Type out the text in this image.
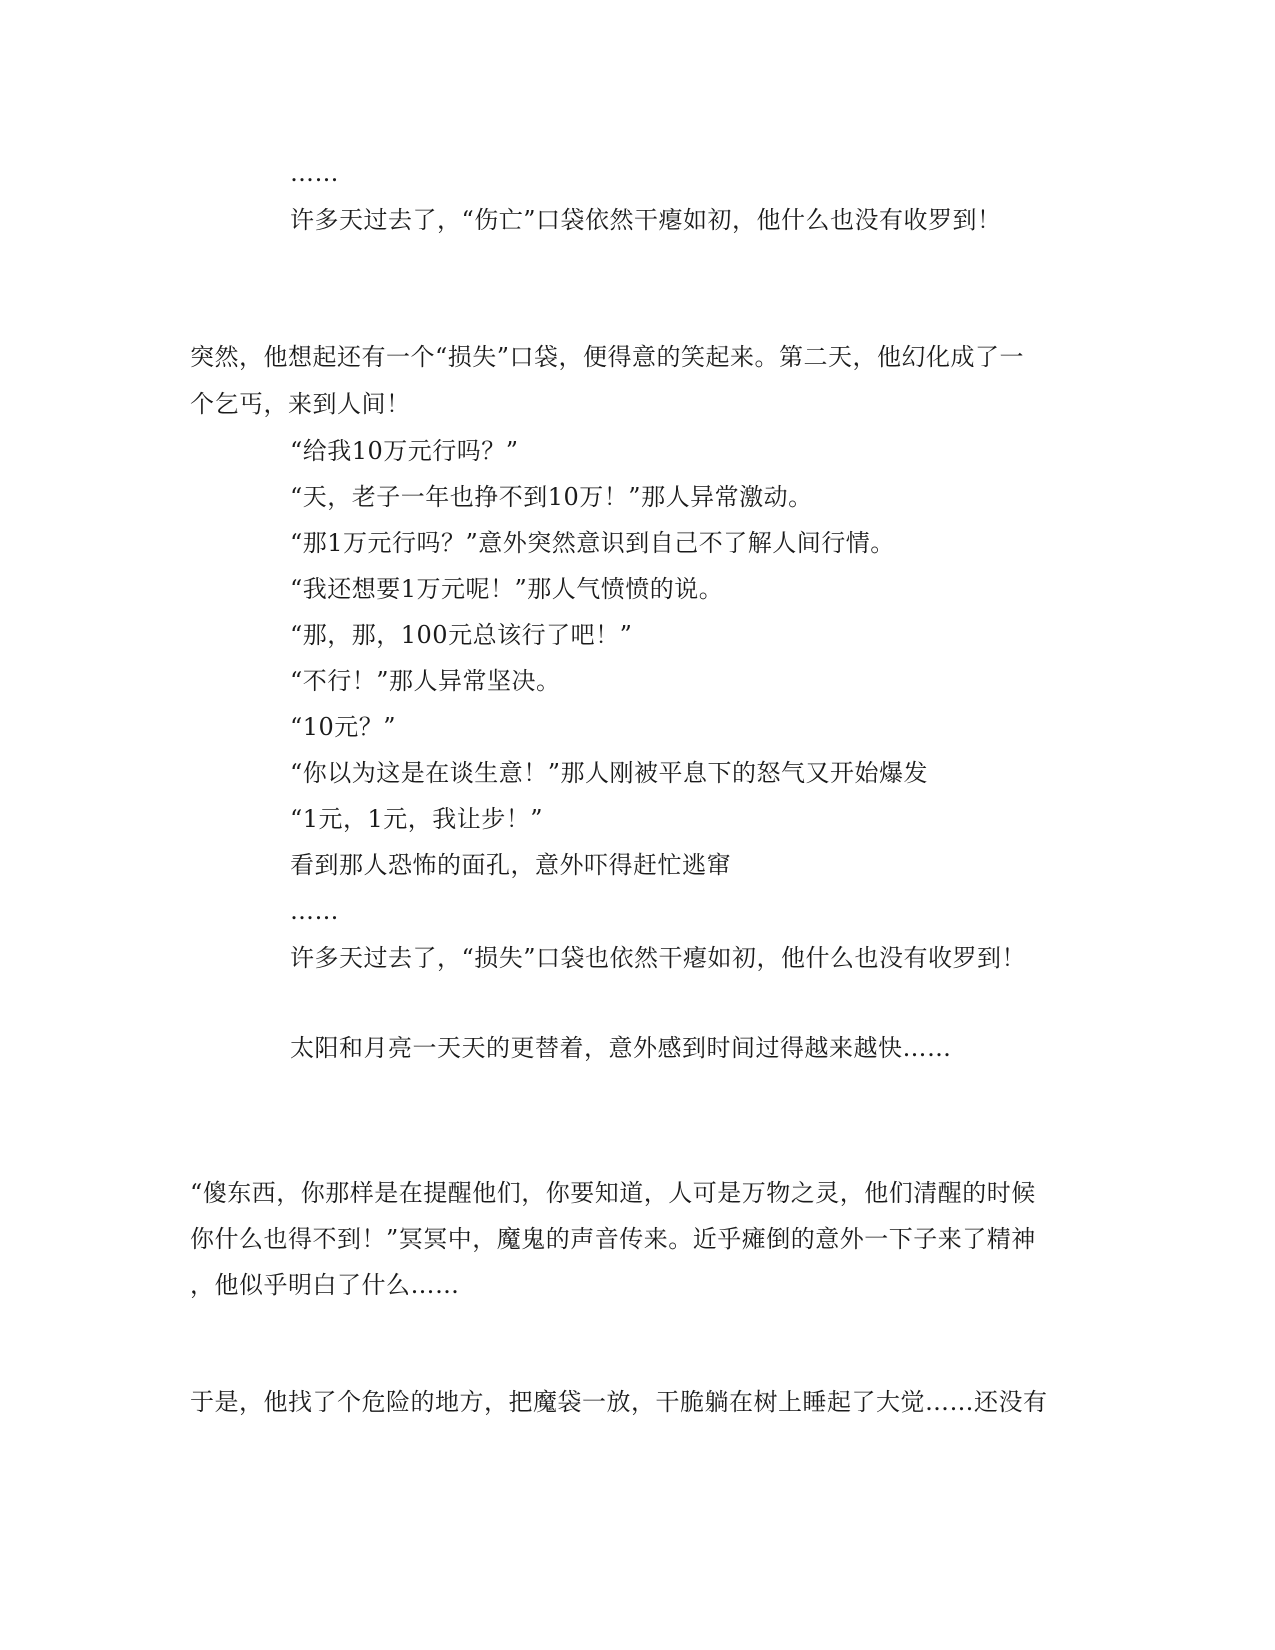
……
许多天过去了，“伤亡”口袋依然干瘪如初，他什么也没有收罗到！
突然，他想起还有一个“损失”口袋，便得意的笑起来。第二天，他幻化成了一
个乞丐，来到人间！
“给我10万元行吗？”
“天，老子一年也挣不到10万！”那人异常激动。
“那1万元行吗？”意外突然意识到自己不了解人间行情。
“我还想要1万元呢！”那人气愤愤的说。
“那，那，100元总该行了吧！”
“不行！”那人异常坚决。
“10元？”
“你以为这是在谈生意！”那人刚被平息下的怒气又开始爆发
“1元，1元，我让步！”
看到那人恐怖的面孔，意外吓得赶忙逃窜
……
许多天过去了，“损失”口袋也依然干瘪如初，他什么也没有收罗到！
太阳和月亮一天天的更替着，意外感到时间过得越来越快……
“傻东西，你那样是在提醒他们，你要知道，人可是万物之灵，他们清醒的时候
你什么也得不到！”冥冥中，魔鬼的声音传来。近乎瘫倒的意外一下子来了精神
，他似乎明白了什么……
于是，他找了个危险的地方，把魔袋一放，干脆躺在树上睡起了大觉……还没有
